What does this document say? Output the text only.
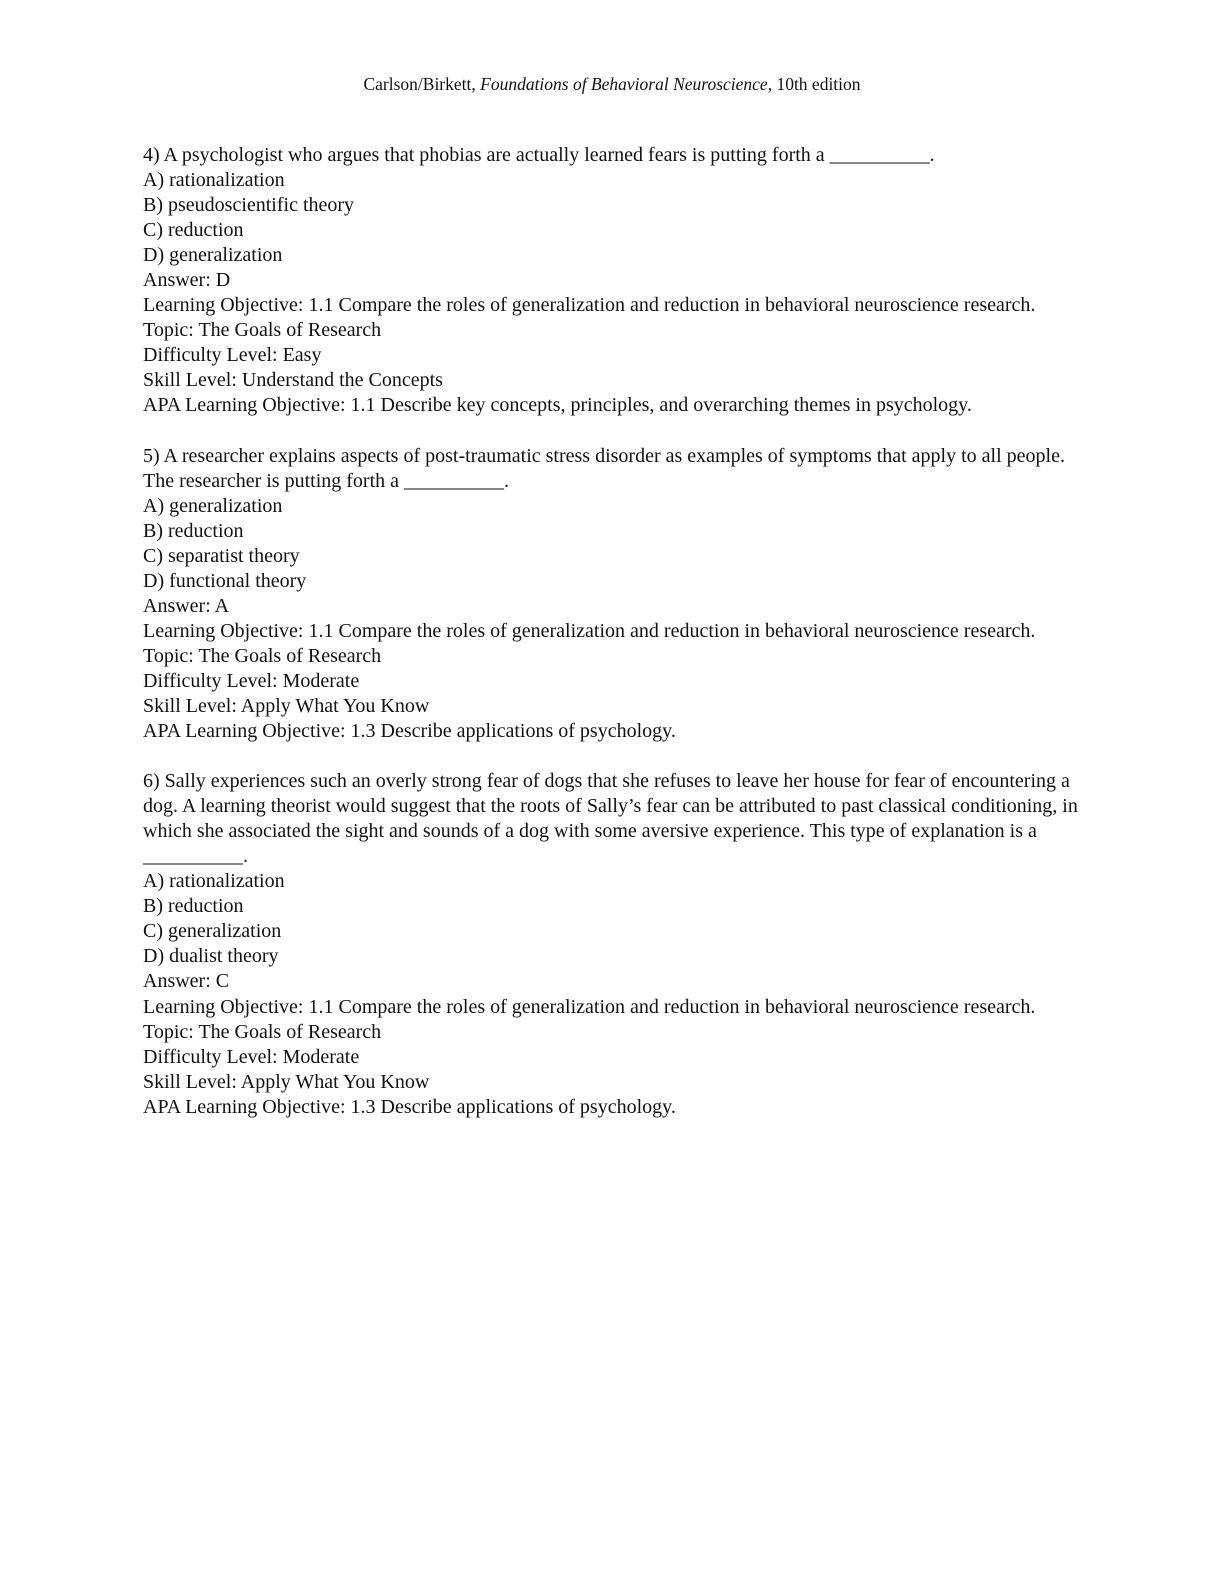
Carlson/Birkett, Foundations of Behavioral Neuroscience, 10th edition
4) A psychologist who argues that phobias are actually learned fears is putting forth a __________.
A) rationalization
B) pseudoscientific theory
C) reduction
D) generalization
Answer: D
Learning Objective: 1.1 Compare the roles of generalization and reduction in behavioral neuroscience research.
Topic: The Goals of Research
Difficulty Level: Easy
Skill Level: Understand the Concepts
APA Learning Objective: 1.1 Describe key concepts, principles, and overarching themes in psychology.
5) A researcher explains aspects of post-traumatic stress disorder as examples of symptoms that apply to all people. The researcher is putting forth a __________.
A) generalization
B) reduction
C) separatist theory
D) functional theory
Answer: A
Learning Objective: 1.1 Compare the roles of generalization and reduction in behavioral neuroscience research.
Topic: The Goals of Research
Difficulty Level: Moderate
Skill Level: Apply What You Know
APA Learning Objective: 1.3 Describe applications of psychology.
6) Sally experiences such an overly strong fear of dogs that she refuses to leave her house for fear of encountering a dog. A learning theorist would suggest that the roots of Sally’s fear can be attributed to past classical conditioning, in which she associated the sight and sounds of a dog with some aversive experience. This type of explanation is a __________.
A) rationalization
B) reduction
C) generalization
D) dualist theory
Answer: C
Learning Objective: 1.1 Compare the roles of generalization and reduction in behavioral neuroscience research.
Topic: The Goals of Research
Difficulty Level: Moderate
Skill Level: Apply What You Know
APA Learning Objective: 1.3 Describe applications of psychology.
